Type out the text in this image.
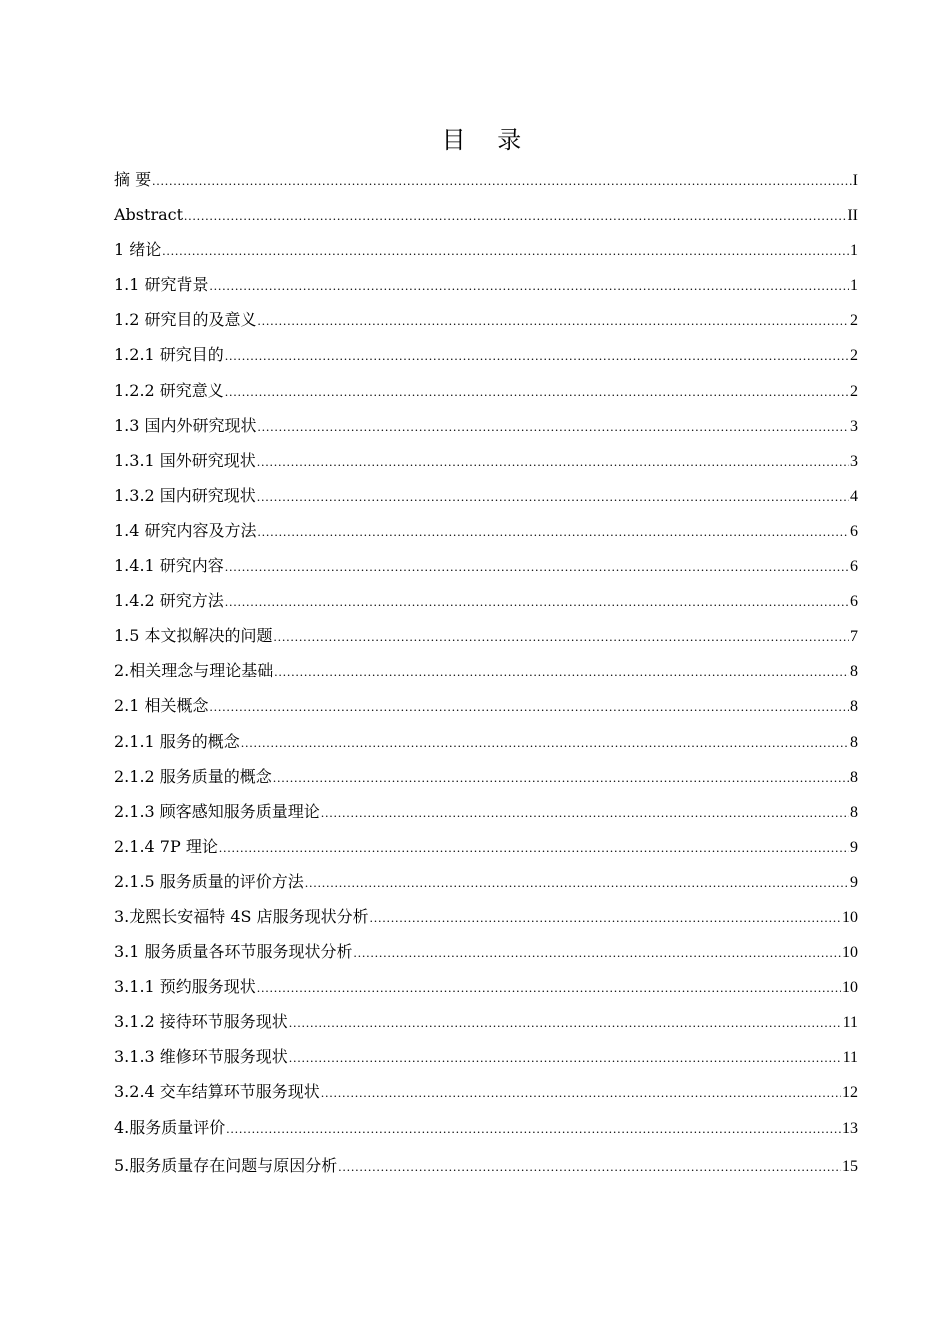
目 录
摘 要 .....	I
Abstract .....	II
1 绪论 .....	1
1.1 研究背景 .....	1
1.2 研究目的及意义 .....	2
1.2.1 研究目的 .....	2
1.2.2 研究意义 .....	2
1.3 国内外研究现状 .....	3
1.3.1 国外研究现状 .....	3
1.3.2 国内研究现状 .....	4
1.4 研究内容及方法 .....	6
1.4.1 研究内容 .....	6
1.4.2 研究方法 .....	6
1.5 本文拟解决的问题 .....	7
2.相关理念与理论基础 .....	8
2.1 相关概念 .....	8
2.1.1 服务的概念 .....	8
2.1.2 服务质量的概念 .....	8
2.1.3 顾客感知服务质量理论 .....	8
2.1.4 7P 理论 .....	9
2.1.5 服务质量的评价方法 .....	9
3.龙熙长安福特 4S 店服务现状分析 .....	10
3.1 服务质量各环节服务现状分析 .....	10
3.1.1 预约服务现状 .....	10
3.1.2 接待环节服务现状 .....	11
3.1.3 维修环节服务现状 .....	11
3.2.4 交车结算环节服务现状 .....	12
4.服务质量评价 .....	13
5.服务质量存在问题与原因分析 .....	15
